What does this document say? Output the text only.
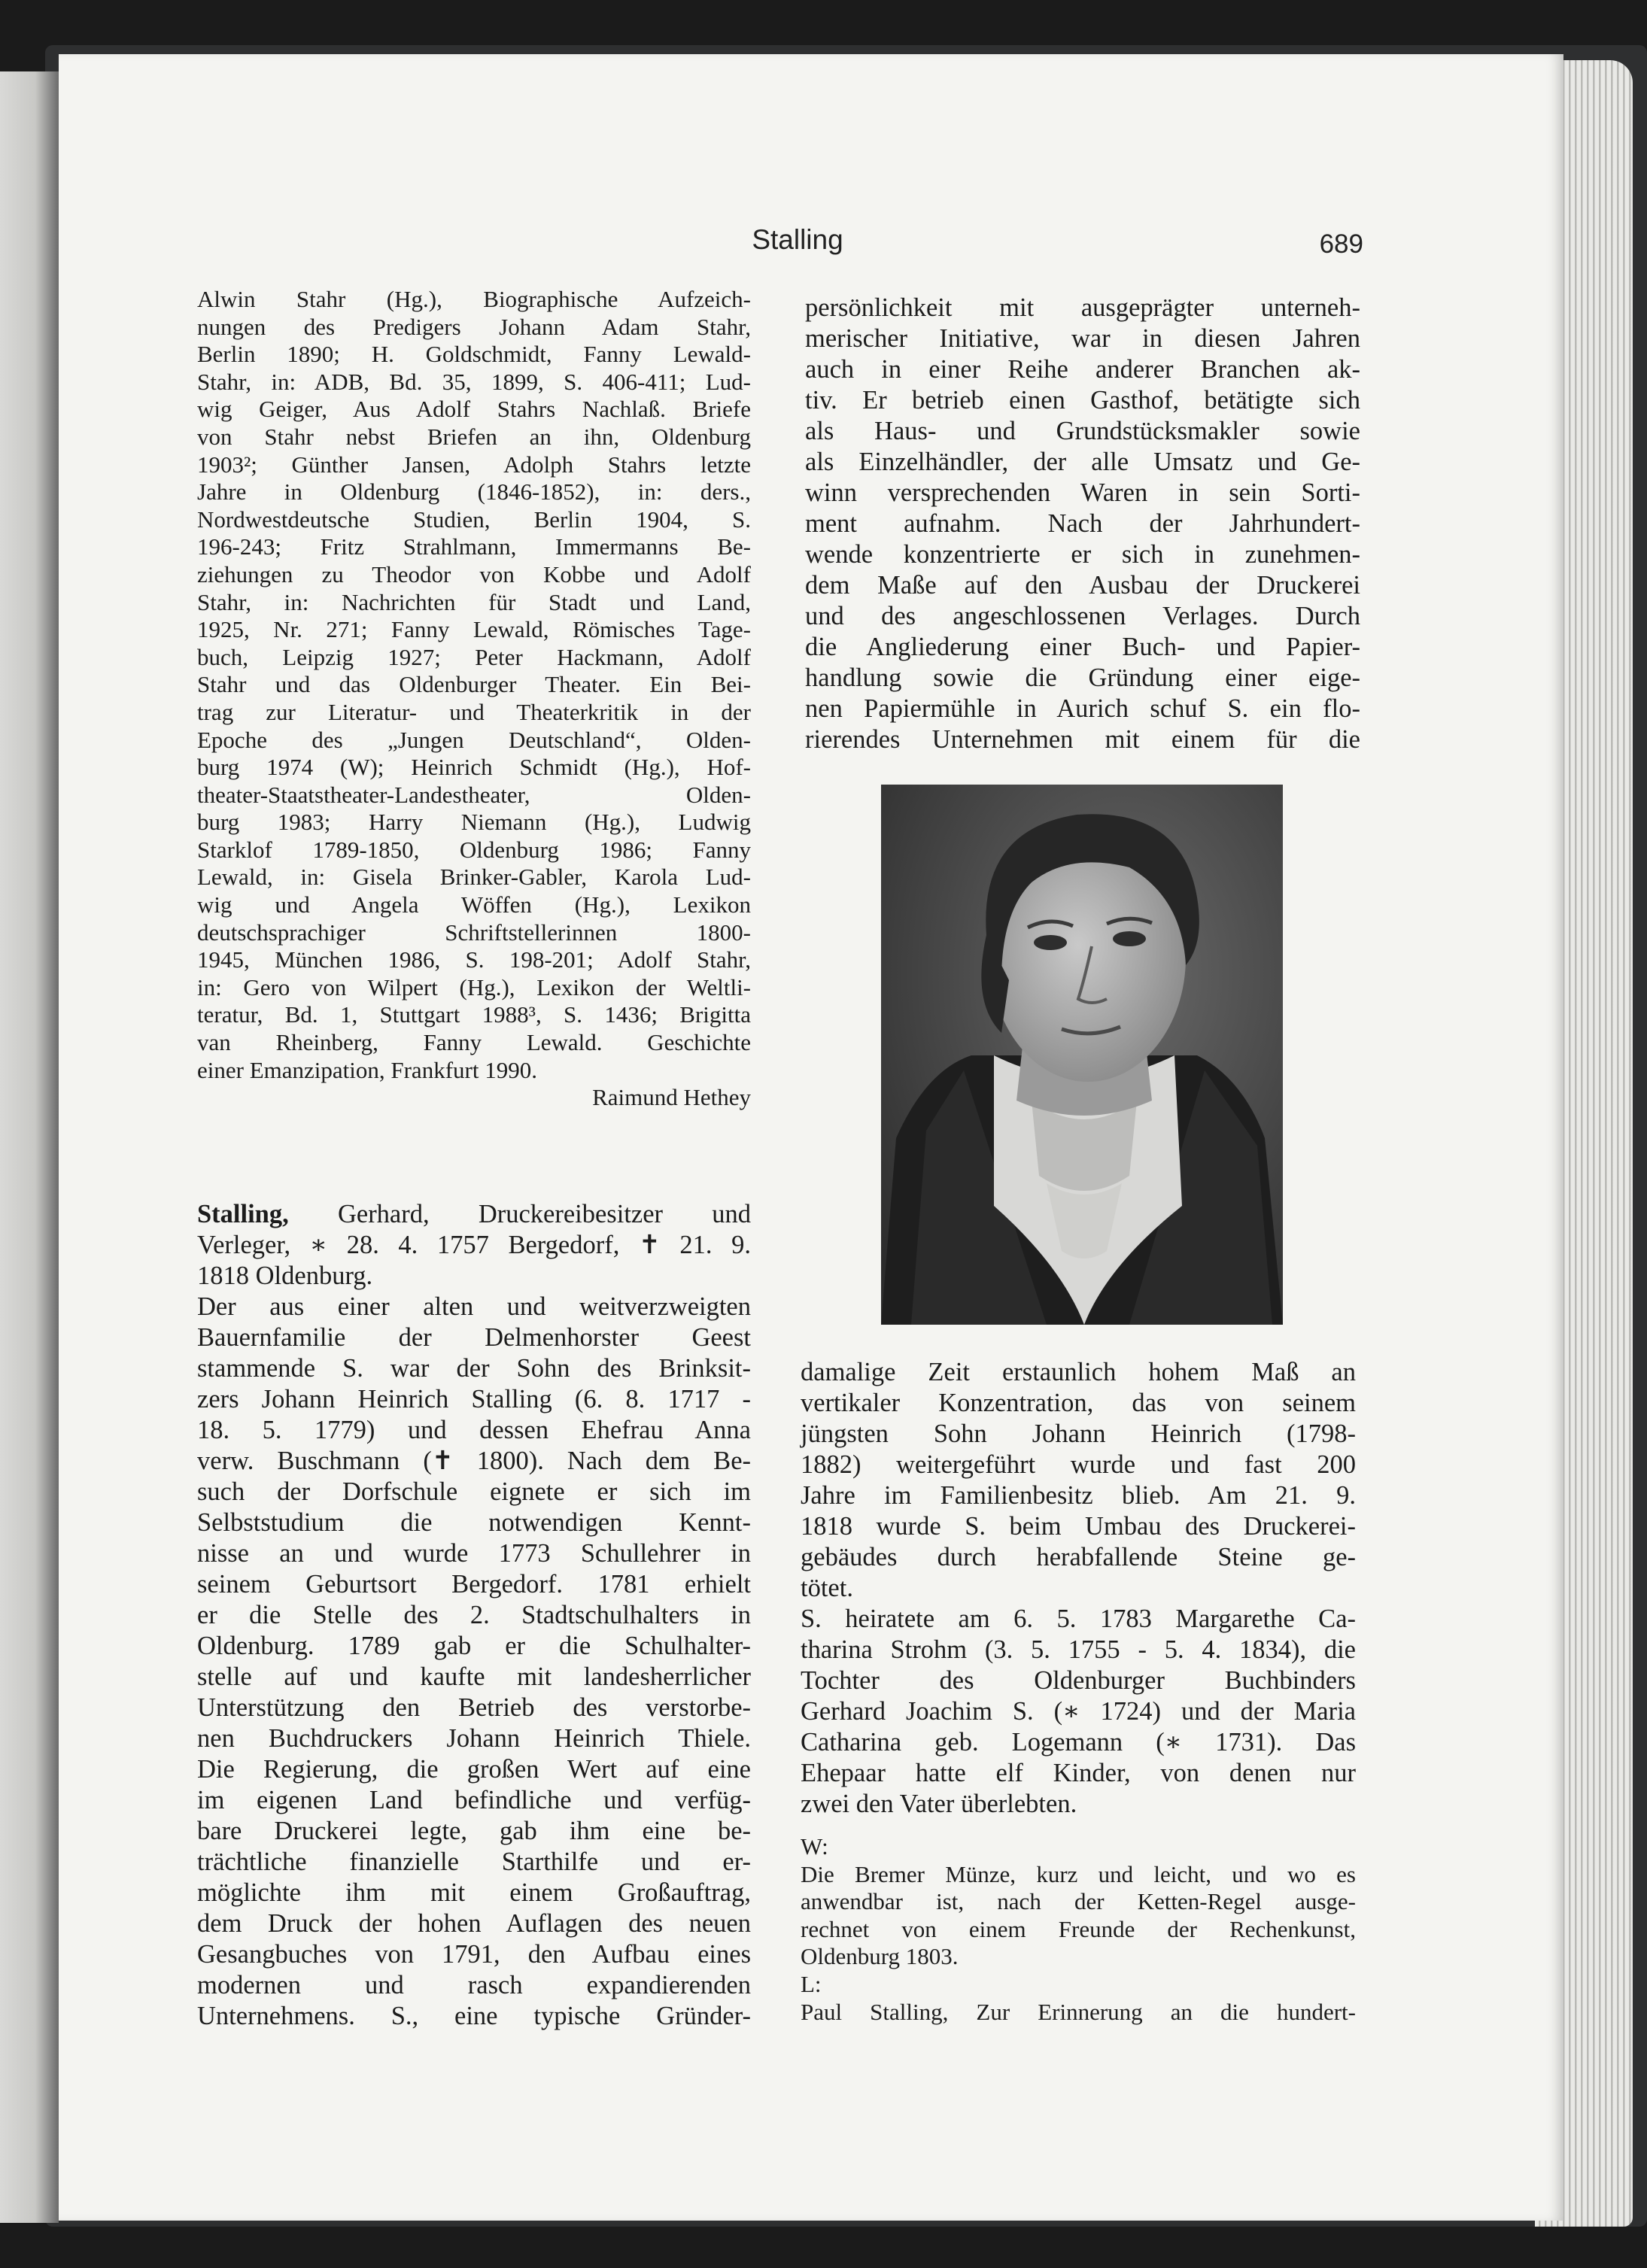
Stalling	689
Alwin Stahr (Hg.), Biographische Aufzeich-
nungen des Predigers Johann Adam Stahr,
Berlin 1890; H. Goldschmidt, Fanny Lewald-
Stahr, in: ADB, Bd. 35, 1899, S. 406-411; Lud-
wig Geiger, Aus Adolf Stahrs Nachlaß. Briefe
von Stahr nebst Briefen an ihn, Oldenburg
1903²; Günther Jansen, Adolph Stahrs letzte
Jahre in Oldenburg (1846-1852), in: ders.,
Nordwestdeutsche Studien, Berlin 1904, S.
196-243; Fritz Strahlmann, Immermanns Be-
ziehungen zu Theodor von Kobbe und Adolf
Stahr, in: Nachrichten für Stadt und Land,
1925, Nr. 271; Fanny Lewald, Römisches Tage-
buch, Leipzig 1927; Peter Hackmann, Adolf
Stahr und das Oldenburger Theater. Ein Bei-
trag zur Literatur- und Theaterkritik in der
Epoche des „Jungen Deutschland“, Olden-
burg 1974 (W); Heinrich Schmidt (Hg.), Hof-
theater-Staatstheater-Landestheater, Olden-
burg 1983; Harry Niemann (Hg.), Ludwig
Starklof 1789-1850, Oldenburg 1986; Fanny
Lewald, in: Gisela Brinker-Gabler, Karola Lud-
wig und Angela Wöffen (Hg.), Lexikon
deutschsprachiger Schriftstellerinnen 1800-
1945, München 1986, S. 198-201; Adolf Stahr,
in: Gero von Wilpert (Hg.), Lexikon der Weltli-
teratur, Bd. 1, Stuttgart 1988³, S. 1436; Brigitta
van Rheinberg, Fanny Lewald. Geschichte
einer Emanzipation, Frankfurt 1990.
Raimund Hethey
Stalling, Gerhard, Druckereibesitzer und
Verleger, ∗ 28. 4. 1757 Bergedorf, ✝ 21. 9.
1818 Oldenburg.
Der aus einer alten und weitverzweigten
Bauernfamilie der Delmenhorster Geest
stammende S. war der Sohn des Brinksit-
zers Johann Heinrich Stalling (6. 8. 1717 -
18. 5. 1779) und dessen Ehefrau Anna
verw. Buschmann (✝ 1800). Nach dem Be-
such der Dorfschule eignete er sich im
Selbststudium die notwendigen Kennt-
nisse an und wurde 1773 Schullehrer in
seinem Geburtsort Bergedorf. 1781 erhielt
er die Stelle des 2. Stadtschulhalters in
Oldenburg. 1789 gab er die Schulhalter-
stelle auf und kaufte mit landesherrlicher
Unterstützung den Betrieb des verstorbe-
nen Buchdruckers Johann Heinrich Thiele.
Die Regierung, die großen Wert auf eine
im eigenen Land befindliche und verfüg-
bare Druckerei legte, gab ihm eine be-
trächtliche finanzielle Starthilfe und er-
möglichte ihm mit einem Großauftrag,
dem Druck der hohen Auflagen des neuen
Gesangbuches von 1791, den Aufbau eines
modernen und rasch expandierenden
Unternehmens. S., eine typische Gründer-
persönlichkeit mit ausgeprägter unterneh-
merischer Initiative, war in diesen Jahren
auch in einer Reihe anderer Branchen ak-
tiv. Er betrieb einen Gasthof, betätigte sich
als Haus- und Grundstücksmakler sowie
als Einzelhändler, der alle Umsatz und Ge-
winn versprechenden Waren in sein Sorti-
ment aufnahm. Nach der Jahrhundert-
wende konzentrierte er sich in zunehmen-
dem Maße auf den Ausbau der Druckerei
und des angeschlossenen Verlages. Durch
die Angliederung einer Buch- und Papier-
handlung sowie die Gründung einer eige-
nen Papiermühle in Aurich schuf S. ein flo-
rierendes Unternehmen mit einem für die
damalige Zeit erstaunlich hohem Maß an
vertikaler Konzentration, das von seinem
jüngsten Sohn Johann Heinrich (1798-
1882) weitergeführt wurde und fast 200
Jahre im Familienbesitz blieb. Am 21. 9.
1818 wurde S. beim Umbau des Druckerei-
gebäudes durch herabfallende Steine ge-
tötet.
S. heiratete am 6. 5. 1783 Margarethe Ca-
tharina Strohm (3. 5. 1755 - 5. 4. 1834), die
Tochter des Oldenburger Buchbinders
Gerhard Joachim S. (∗ 1724) und der Maria
Catharina geb. Logemann (∗ 1731). Das
Ehepaar hatte elf Kinder, von denen nur
zwei den Vater überlebten.
W:
Die Bremer Münze, kurz und leicht, und wo es
anwendbar ist, nach der Ketten-Regel ausge-
rechnet von einem Freunde der Rechenkunst,
Oldenburg 1803.
L:
Paul Stalling, Zur Erinnerung an die hundert-
